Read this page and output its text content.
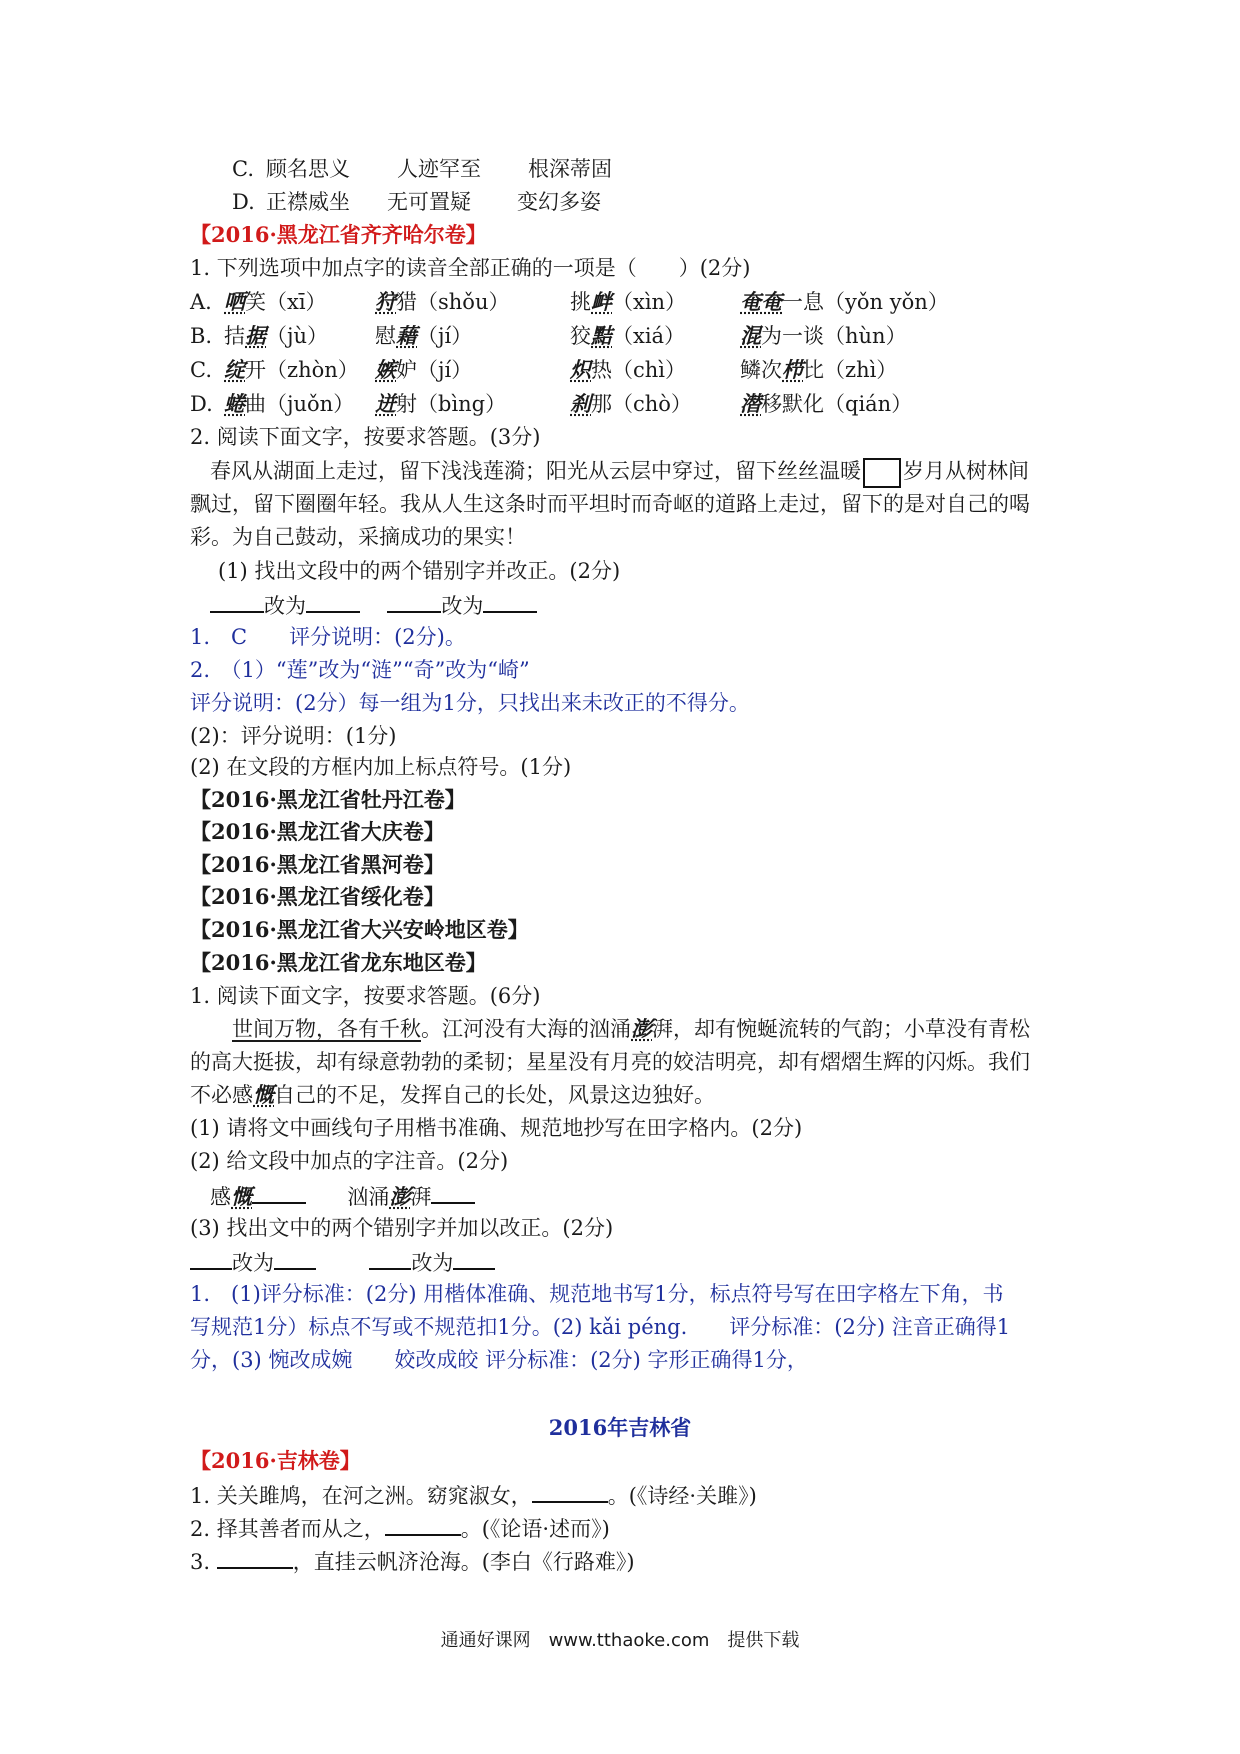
C. 顾名思义 人迹罕至 根深蒂固
D. 正襟威坐 无可置疑 变幻多姿
【2016·黑龙江省齐齐哈尔卷】
1. 下列选项中加点字的读音全部正确的一项是（　　）(2分)
A. 哂笑（xī） 狩猎（shǒu）	挑衅（xìn）	奄奄一息（yǒn yǒn）
B. 拮据（jù） 慰藉（jí）	狡黠（xiá）	混为一谈（hùn）
C. 绽开（zhòn） 嫉妒（jí）	炽热（chì）	鳞次栉比（zhì）
D. 蜷曲（juǒn） 迸射（bìng）	刹那（chò） 潜移默化（qián）
2. 阅读下面文字，按要求答题。(3分)
春风从湖面上走过，留下浅浅莲漪；阳光从云层中穿过，留下丝丝温暖 岁月从树林间
飘过，留下圈圈年轻。我从人生这条时而平坦时而奇岖的道路上走过，留下的是对自己的喝
彩。为自己鼓动，采摘成功的果实！
(1) 找出文段中的两个错别字并改正。(2分)
改为	改为
1.　C　　评分说明：(2分)。
2.　（1）“莲”改为“涟”“奇”改为“崎”
评分说明：(2分）每一组为1分，只找出来未改正的不得分。
(2)：评分说明：(1分)
(2) 在文段的方框内加上标点符号。(1分)
【2016·黑龙江省牡丹江卷】
【2016·黑龙江省大庆卷】
【2016·黑龙江省黑河卷】
【2016·黑龙江省绥化卷】
【2016·黑龙江省大兴安岭地区卷】
【2016·黑龙江省龙东地区卷】
1. 阅读下面文字，按要求答题。(6分)
世间万物，各有千秋。江河没有大海的汹涌澎湃，却有惋蜒流转的气韵；小草没有青松
的高大挺拔，却有绿意勃勃的柔韧；星星没有月亮的姣洁明亮，却有熠熠生辉的闪烁。我们
不必感慨自己的不足，发挥自己的长处，风景这边独好。
(1) 请将文中画线句子用楷书准确、规范地抄写在田字格内。(2分)
(2) 给文段中加点的字注音。(2分)
感慨	汹涌澎湃
(3) 找出文中的两个错别字并加以改正。(2分)
改为	改为
1.　(1)评分标准：(2分) 用楷体准确、规范地书写1分，标点符号写在田字格左下角，书
写规范1分）标点不写或不规范扣1分。(2) kǎi péng.　　评分标准：(2分) 注音正确得1
分，(3) 惋改成婉　　姣改成皎 评分标准：(2分) 字形正确得1分，
2016年吉林省
【2016·吉林卷】
1. 关关雎鸠，在河之洲。窈窕淑女，	。(《诗经·关雎》)
2. 择其善者而从之，	。(《论语·述而》)
3.	，直挂云帆济沧海。(李白《行路难》)
通通好课网　www.tthaoke.com　提供下载
